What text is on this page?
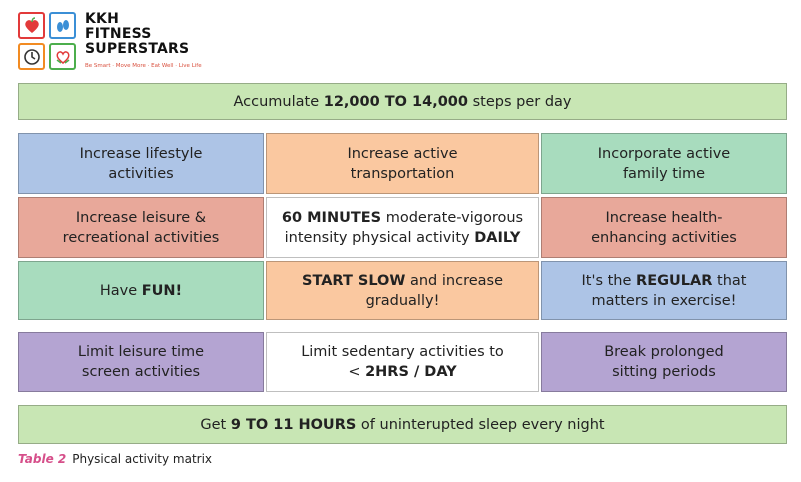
KKH
FITNESS
SUPERSTARS
Be Smart · Move More · Eat Well · Live Life
Accumulate 12,000 TO 14,000 steps per day
Increase lifestyle activities
Increase active transportation
Incorporate active family time
Increase leisure & recreational activities
60 MINUTES moderate-vigorous intensity physical activity DAILY
Increase health-enhancing activities
Have FUN!
START SLOW and increase gradually!
It's the REGULAR that matters in exercise!
Limit leisure time screen activities
Limit sedentary activities to < 2HRS / DAY
Break prolonged sitting periods
Get 9 TO 11 HOURS of uninterupted sleep every night
Table 2 Physical activity matrix
